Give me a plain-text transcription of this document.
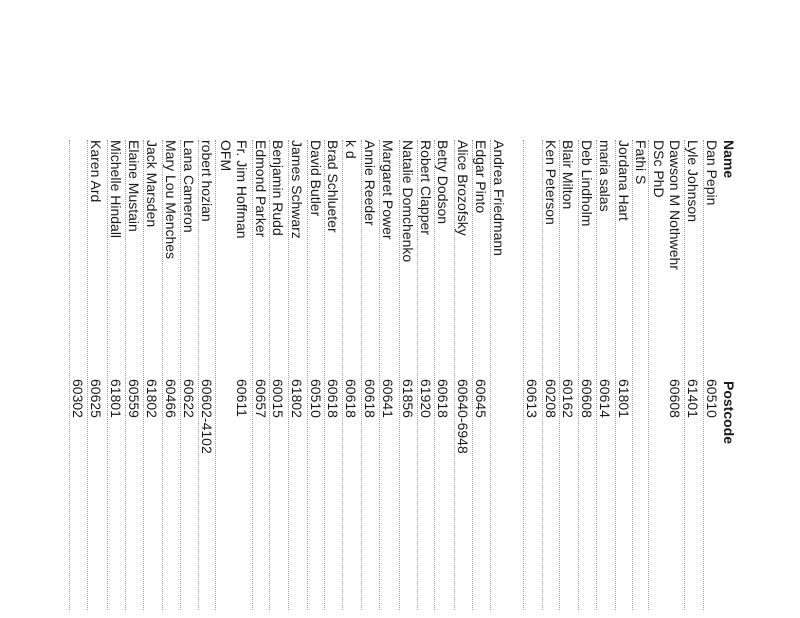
Name
Postcode
Dan Pepin
60510
Lyle Johnson
61401
Dawson M Nothwehr
DSc PhD
60608
Fathi S
Jordana Hart
61801
maria salas
60614
Deb Lindholm
60608
Blair Milton
60162
Ken Peterson
60208
60613
Andrea Friedmann
Edgar Pinto
60645
Alice Brozofsky
60640-6948
Betty Dodson
60618
Robert Clapper
61920
Natalie Domchenko
61856
Margaret Power
60641
Annie Reeder
60618
k d
60618
Brad Schlueter
60618
David Butler
60510
James Schwarz
61802
Benjamin Rudd
60015
Edmond Parker
60657
Fr. Jim Hoffman
OFM
60611
robert hozian
60602-4102
Lana Cameron
60622
Mary Lou Menches
60466
Jack Marsden
61802
Elaine Mustain
60559
Michelle Hindall
61801
Karen Ard
60625
60302
